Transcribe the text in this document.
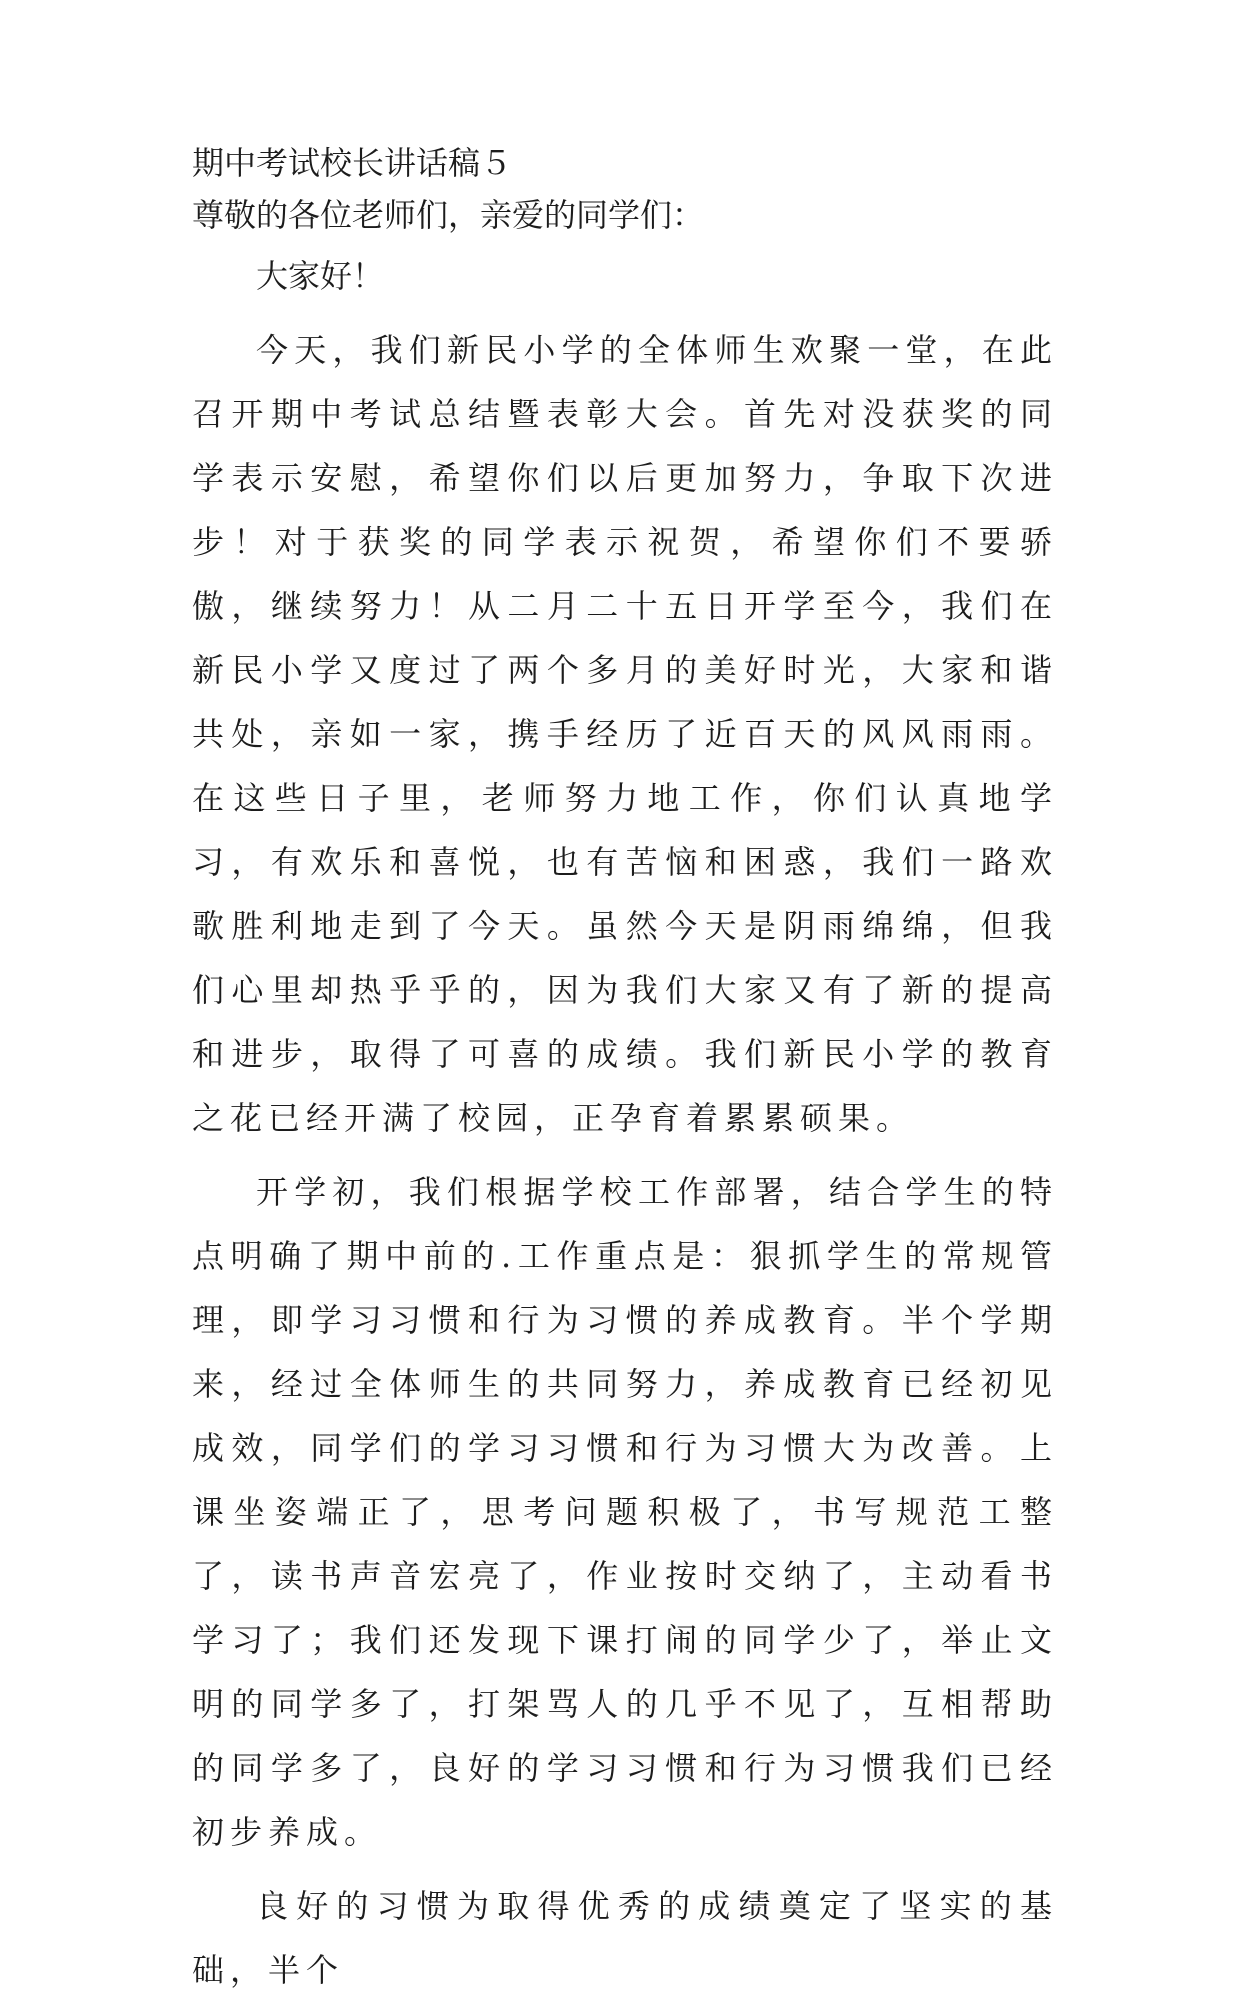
期中考试校长讲话稿５

尊敬的各位老师们，亲爱的同学们：

大家好！

今天，我们新民小学的全体师生欢聚一堂，在此召开期中考试总结暨表彰大会。首先对没获奖的同学表示安慰，希望你们以后更加努力，争取下次进步！对于获奖的同学表示祝贺，希望你们不要骄傲，继续努力！从二月二十五日开学至今，我们在新民小学又度过了两个多月的美好时光，大家和谐共处，亲如一家，携手经历了近百天的风风雨雨。在这些日子里，老师努力地工作，你们认真地学习，有欢乐和喜悦，也有苦恼和困惑，我们一路欢歌胜利地走到了今天。虽然今天是阴雨绵绵，但我们心里却热乎乎的，因为我们大家又有了新的提高和进步，取得了可喜的成绩。我们新民小学的教育之花已经开满了校园，正孕育着累累硕果。

开学初，我们根据学校工作部署，结合学生的特点明确了期中前的.工作重点是：狠抓学生的常规管理，即学习习惯和行为习惯的养成教育。半个学期来，经过全体师生的共同努力，养成教育已经初见成效，同学们的学习习惯和行为习惯大为改善。上课坐姿端正了，思考问题积极了，书写规范工整了，读书声音宏亮了，作业按时交纳了，主动看书学习了；我们还发现下课打闹的同学少了，举止文明的同学多了，打架骂人的几乎不见了，互相帮助的同学多了，良好的学习习惯和行为习惯我们已经初步养成。

良好的习惯为取得优秀的成绩奠定了坚实的基础，半个
